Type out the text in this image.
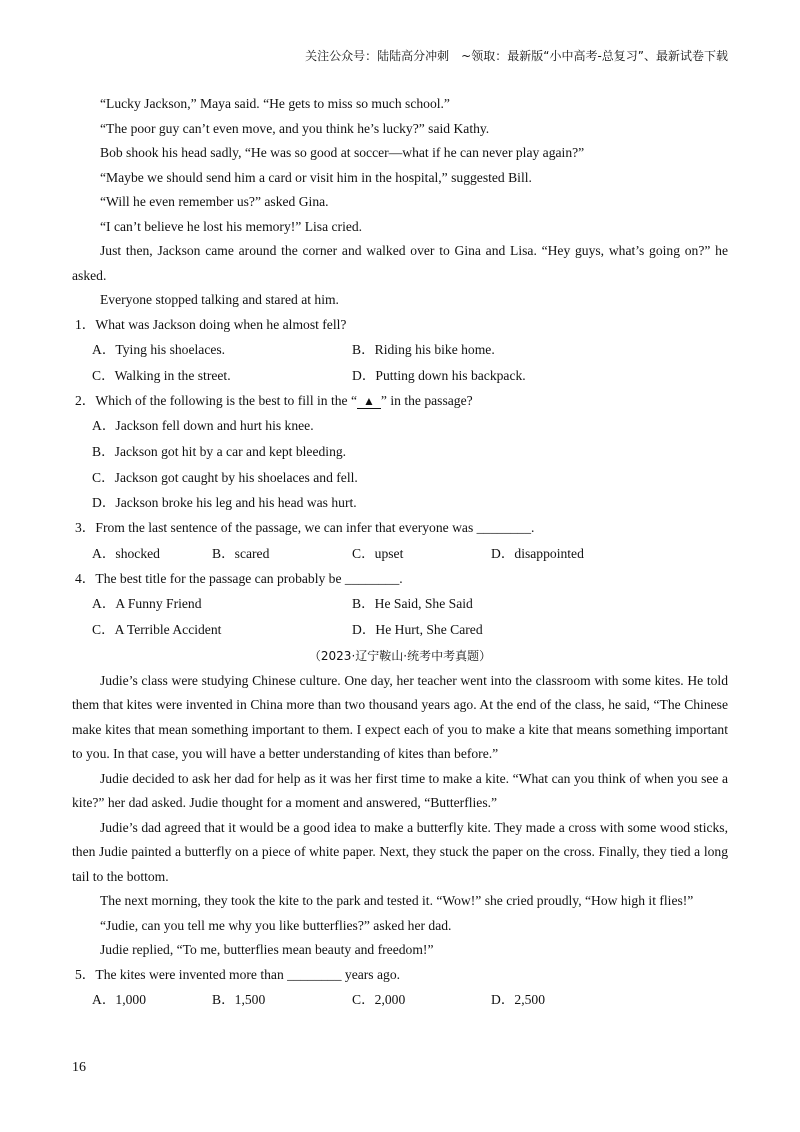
关注公众号：陆陆高分冲刺　~领取：最新版“小中高考-总复习”、最新试卷下载

“Lucky Jackson,” Maya said. “He gets to miss so much school.”

“The poor guy can’t even move, and you think he’s lucky?” said Kathy.

Bob shook his head sadly, “He was so good at soccer—what if he can never play again?”

“Maybe we should send him a card or visit him in the hospital,” suggested Bill.

“Will he even remember us?” asked Gina.

“I can’t believe he lost his memory!” Lisa cried.

Just then, Jackson came around the corner and walked over to Gina and Lisa. “Hey guys, what’s going on?” he asked.

Everyone stopped talking and stared at him.

1．What was Jackson doing when he almost fell?

A．Tying his shoelaces.	B．Riding his bike home.
C．Walking in the street.	D．Putting down his backpack.

2．Which of the following is the best to fill in the “ ▲ ” in the passage?

A．Jackson fell down and hurt his knee.
B．Jackson got hit by a car and kept bleeding.
C．Jackson got caught by his shoelaces and fell.
D．Jackson broke his leg and his head was hurt.

3．From the last sentence of the passage, we can infer that everyone was ________.

A．shocked	B．scared	C．upset	D．disappointed

4．The best title for the passage can probably be ________.

A．A Funny Friend	B．He Said, She Said
C．A Terrible Accident	D．He Hurt, She Cared

（2023·辽宁鞍山·统考中考真题）

Judie’s class were studying Chinese culture. One day, her teacher went into the classroom with some kites. He told them that kites were invented in China more than two thousand years ago. At the end of the class, he said, “The Chinese make kites that mean something important to them. I expect each of you to make a kite that means something important to you. In that case, you will have a better understanding of kites than before.”

Judie decided to ask her dad for help as it was her first time to make a kite. “What can you think of when you see a kite?” her dad asked. Judie thought for a moment and answered, “Butterflies.”

Judie’s dad agreed that it would be a good idea to make a butterfly kite. They made a cross with some wood sticks, then Judie painted a butterfly on a piece of white paper. Next, they stuck the paper on the cross. Finally, they tied a long tail to the bottom.

The next morning, they took the kite to the park and tested it. “Wow!” she cried proudly, “How high it flies!”

“Judie, can you tell me why you like butterflies?” asked her dad.

Judie replied, “To me, butterflies mean beauty and freedom!”

5．The kites were invented more than ________ years ago.

A．1,000	B．1,500	C．2,000	D．2,500
16
